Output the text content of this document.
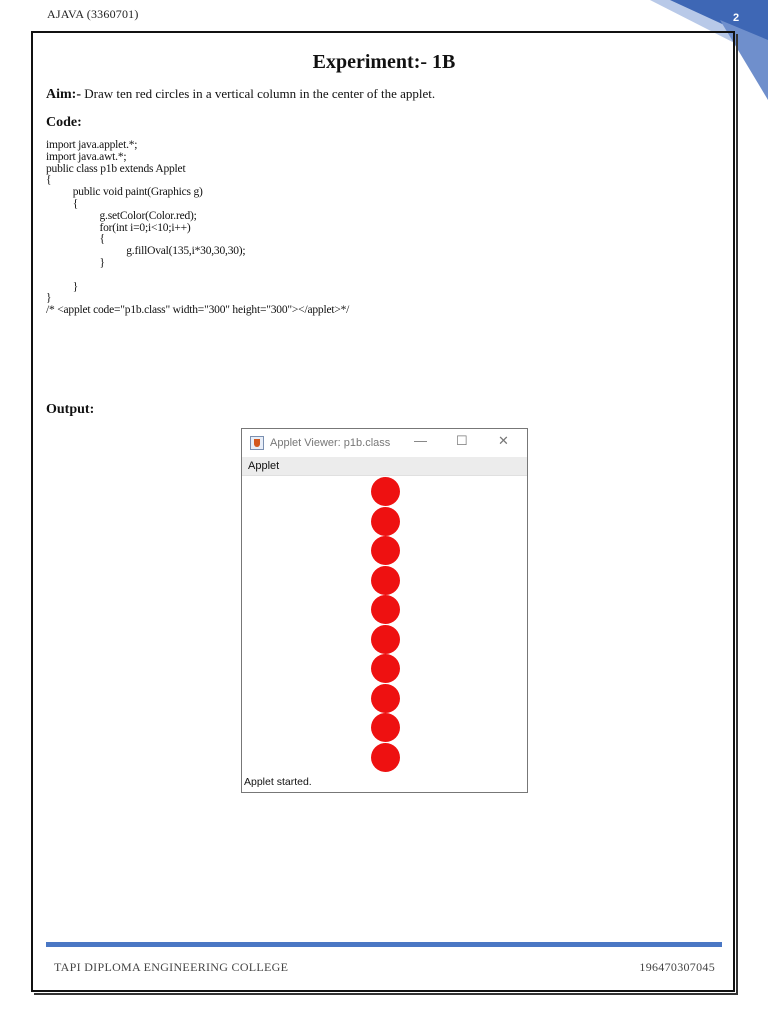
AJAVA (3360701)	2
Experiment:- 1B
Aim:- Draw ten red circles in a vertical column in the center of the applet.
Code:
import java.applet.*;
import java.awt.*;
public class p1b extends Applet
{
public void paint(Graphics g)
{
g.setColor(Color.red);
for(int i=0;i<10;i++)
{
g.fillOval(135,i*30,30,30);
}

}
}
/* <applet code="p1b.class" width="300" height="300"></applet>*/
Output:
Applet Viewer: p1b.class — ☐ ✕
Applet
Applet started.
TAPI DIPLOMA ENGINEERING COLLEGE	196470307045
